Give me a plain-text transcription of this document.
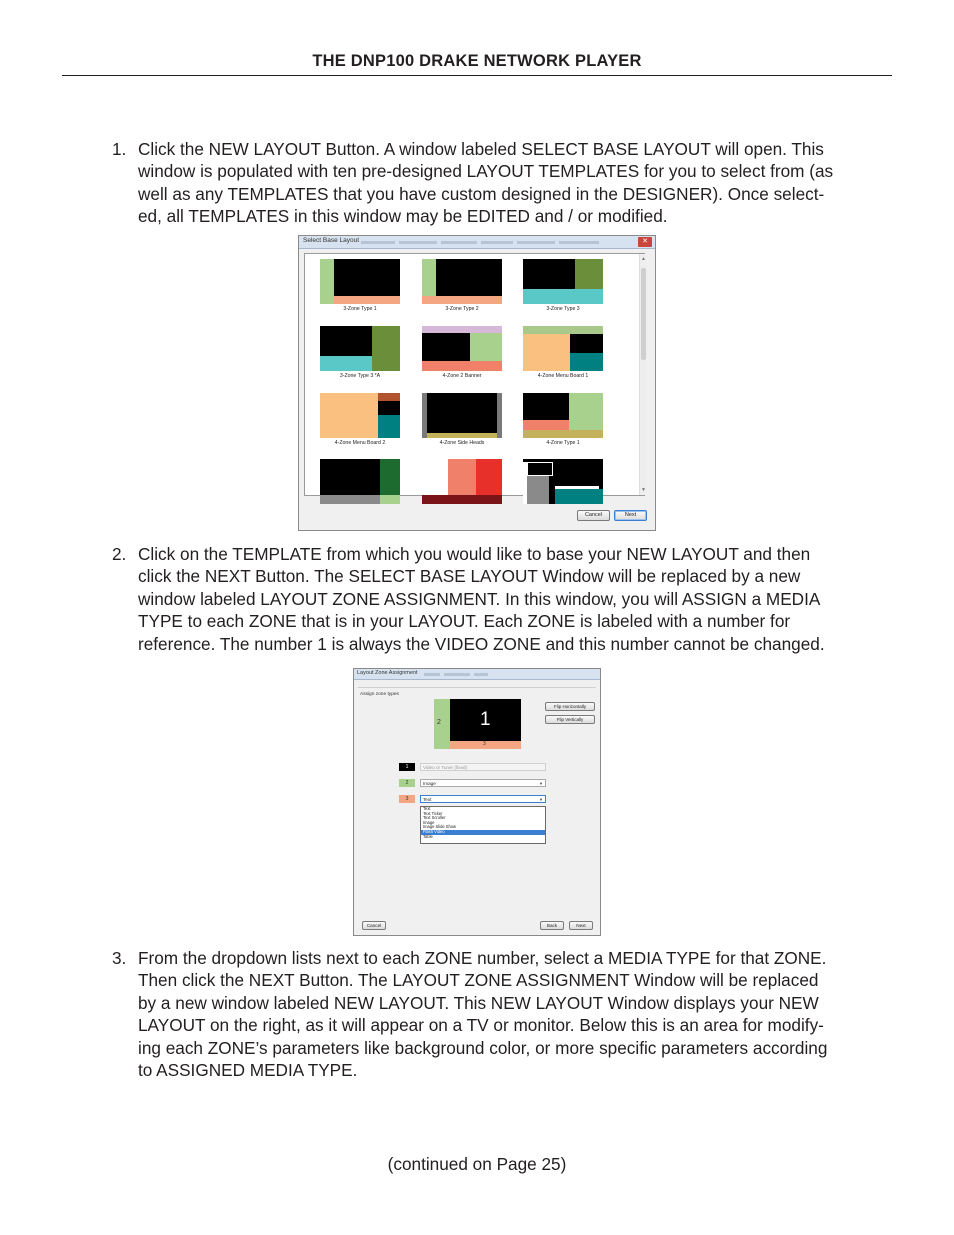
THE DNP100 DRAKE NETWORK PLAYER
1. Click the NEW LAYOUT Button. A window labeled SELECT BASE LAYOUT will open. This
window is populated with ten pre-designed LAYOUT TEMPLATES for you to select from (as
well as any TEMPLATES that you have custom designed in the DESIGNER). Once select-
ed, all TEMPLATES in this window may be EDITED and / or modified.
Select Base Layout	✕
3-Zone Type 1	3-Zone Type 2	3-Zone Type 3
3-Zone Type 3 *A	4-Zone 2 Banner	4-Zone Menu Board 1
4-Zone Menu Board 2	4-Zone Side Heads	4-Zone Type 1
▲
▼
Cancel	Next
2. Click on the TEMPLATE from which you would like to base your NEW LAYOUT and then
click the NEXT Button. The SELECT BASE LAYOUT Window will be replaced by a new
window labeled LAYOUT ZONE ASSIGNMENT. In this window, you will ASSIGN a MEDIA
TYPE to each ZONE that is in your LAYOUT. Each ZONE is labeled with a number for
reference. The number 1 is always the VIDEO ZONE and this number cannot be changed.
Layout Zone Assignment
Assign zone types
2 1
3
Flip Horizontally
Flip Vertically
1	Video or Tuner (fixed)
2	Image	▼
3	Text	▼
Text
Text Ticker
Text Scroller
Image
Image Slide Show
Flash Video
Table
Cancel	Back	Next
3. From the dropdown lists next to each ZONE number, select a MEDIA TYPE for that ZONE.
Then click the NEXT Button. The LAYOUT ZONE ASSIGNMENT Window will be replaced
by a new window labeled NEW LAYOUT. This NEW LAYOUT Window displays your NEW
LAYOUT on the right, as it will appear on a TV or monitor. Below this is an area for modify-
ing each ZONE’s parameters like background color, or more specific parameters according
to ASSIGNED MEDIA TYPE.
(continued on Page 25)
